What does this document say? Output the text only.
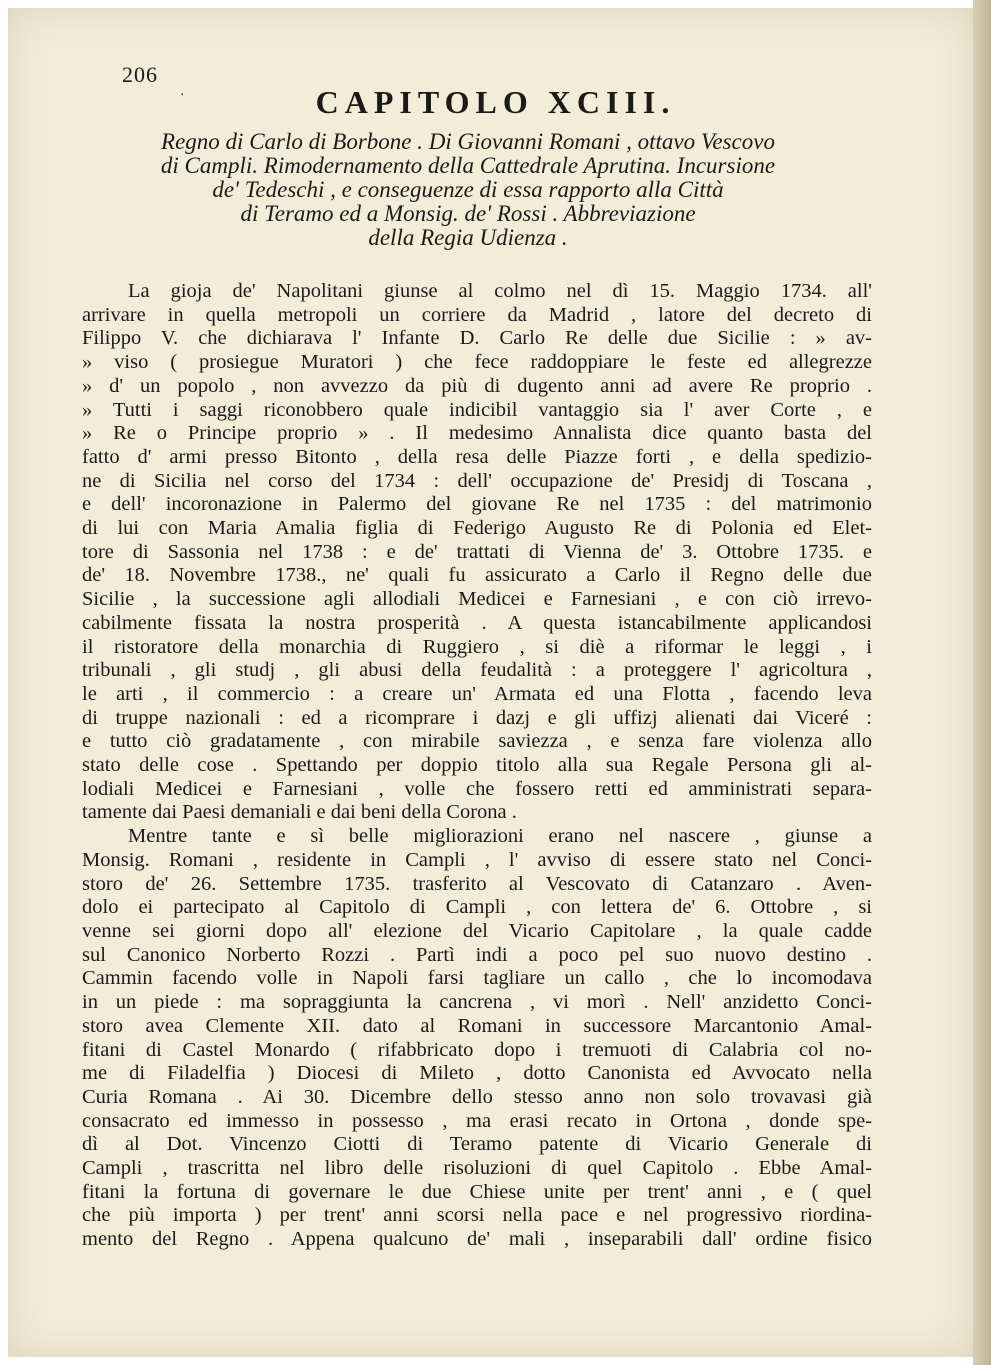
206
·	CAPITOLO XCIII.
Regno di Carlo di Borbone . Di Giovanni Romani , ottavo Vescovo
di Campli. Rimodernamento della Cattedrale Aprutina. Incursione
de' Tedeschi , e conseguenze di essa rapporto alla Città
di Teramo ed a Monsig. de' Rossi . Abbreviazione
della Regia Udienza .
La gioja de' Napolitani giunse al colmo nel dì 15. Maggio 1734. all'
arrivare in quella metropoli un corriere da Madrid , latore del decreto di
Filippo V. che dichiarava l' Infante D. Carlo Re delle due Sicilie : » av-
» viso ( prosiegue Muratori ) che fece raddoppiare le feste ed allegrezze
» d' un popolo , non avvezzo da più di dugento anni ad avere Re proprio .
» Tutti i saggi riconobbero quale indicibil vantaggio sia l' aver Corte , e
» Re o Principe proprio » . Il medesimo Annalista dice quanto basta del
fatto d' armi presso Bitonto , della resa delle Piazze forti , e della spedizio-
ne di Sicilia nel corso del 1734 : dell' occupazione de' Presidj di Toscana ,
e dell' incoronazione in Palermo del giovane Re nel 1735 : del matrimonio
di lui con Maria Amalia figlia di Federigo Augusto Re di Polonia ed Elet-
tore di Sassonia nel 1738 : e de' trattati di Vienna de' 3. Ottobre 1735. e
de' 18. Novembre 1738., ne' quali fu assicurato a Carlo il Regno delle due
Sicilie , la successione agli allodiali Medicei e Farnesiani , e con ciò irrevo-
cabilmente fissata la nostra prosperità . A questa istancabilmente applicandosi
il ristoratore della monarchia di Ruggiero , si diè a riformar le leggi , i
tribunali , gli studj , gli abusi della feudalità : a proteggere l' agricoltura ,
le arti , il commercio : a creare un' Armata ed una Flotta , facendo leva
di truppe nazionali : ed a ricomprare i dazj e gli uffizj alienati dai Viceré :
e tutto ciò gradatamente , con mirabile saviezza , e senza fare violenza allo
stato delle cose . Spettando per doppio titolo alla sua Regale Persona gli al-
lodiali Medicei e Farnesiani , volle che fossero retti ed amministrati separa-
tamente dai Paesi demaniali e dai beni della Corona .
Mentre tante e sì belle migliorazioni erano nel nascere , giunse a
Monsig. Romani , residente in Campli , l' avviso di essere stato nel Conci-
storo de' 26. Settembre 1735. trasferito al Vescovato di Catanzaro . Aven-
dolo ei partecipato al Capitolo di Campli , con lettera de' 6. Ottobre , si
venne sei giorni dopo all' elezione del Vicario Capitolare , la quale cadde
sul Canonico Norberto Rozzi . Partì indi a poco pel suo nuovo destino .
Cammin facendo volle in Napoli farsi tagliare un callo , che lo incomodava
in un piede : ma sopraggiunta la cancrena , vi morì . Nell' anzidetto Conci-
storo avea Clemente XII. dato al Romani in successore Marcantonio Amal-
fitani di Castel Monardo ( rifabbricato dopo i tremuoti di Calabria col no-
me di Filadelfia ) Diocesi di Mileto , dotto Canonista ed Avvocato nella
Curia Romana . Ai 30. Dicembre dello stesso anno non solo trovavasi già
consacrato ed immesso in possesso , ma erasi recato in Ortona , donde spe-
dì al Dot. Vincenzo Ciotti di Teramo patente di Vicario Generale di
Campli , trascritta nel libro delle risoluzioni di quel Capitolo . Ebbe Amal-
fitani la fortuna di governare le due Chiese unite per trent' anni , e ( quel
che più importa ) per trent' anni scorsi nella pace e nel progressivo riordina-
mento del Regno . Appena qualcuno de' mali , inseparabili dall' ordine fisico
